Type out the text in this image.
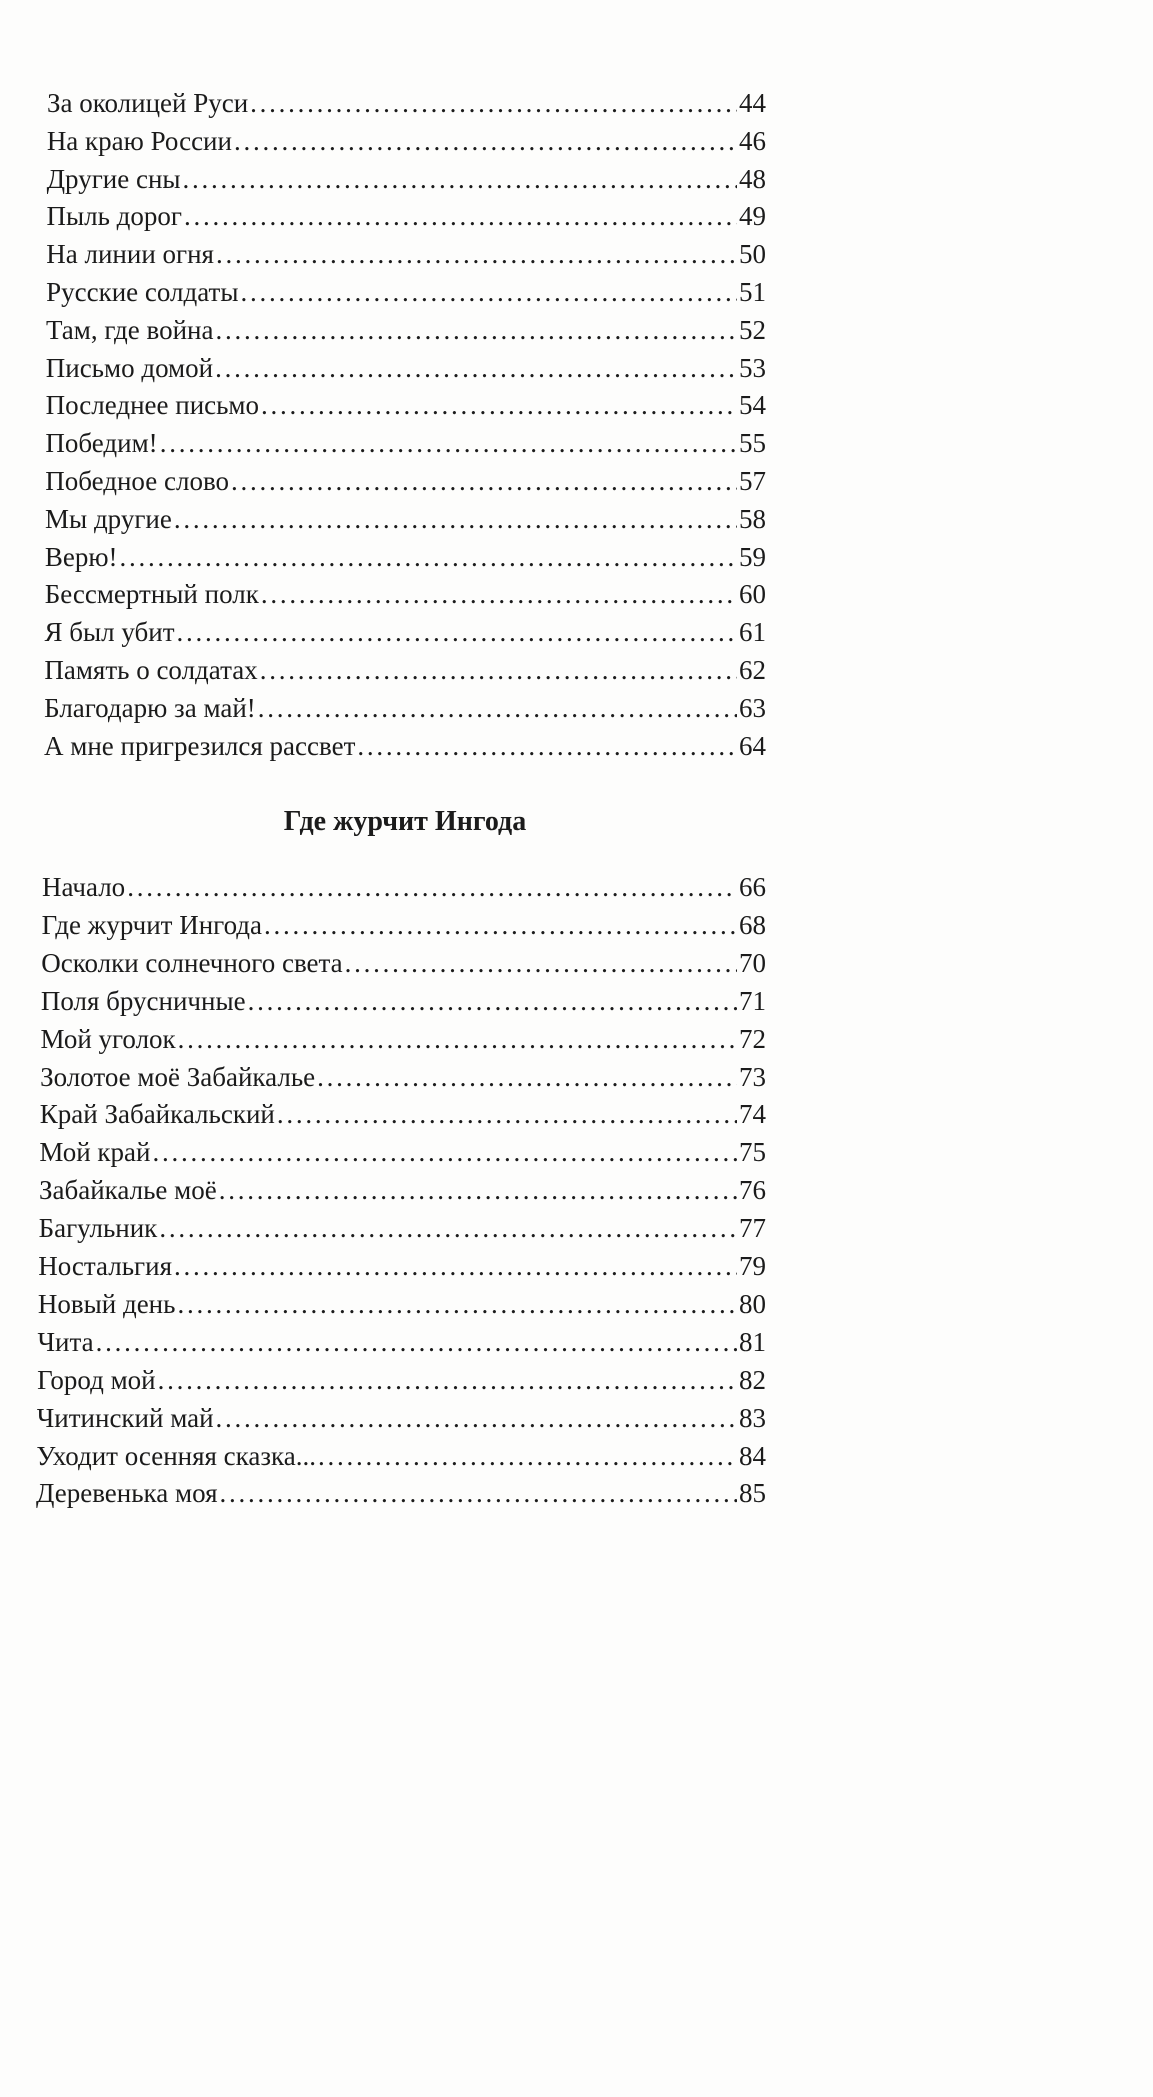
Где журчит Ингода
За околицей Руси . . .	44
На краю России . . .	46
Другие сны . . .	48
Пыль дорог . . .	49
На линии огня . . .	50
Русские солдаты . . .	51
Там, где война . . .	52
Письмо домой . . .	53
Последнее письмо . . .	54
Победим! . . .	55
Победное слово . . .	57
Мы другие . . .	58
Верю! . . .	59
Бессмертный полк . . .	60
Я был убит . . .	61
Память о солдатах . . .	62
Благодарю за май! . . .	63
А мне пригрезился рассвет . . .	64
Начало . . .	66
Где журчит Ингода . . .	68
Осколки солнечного света . . .	70
Поля брусничные . . .	71
Мой уголок . . .	72
Золотое моё Забайкалье . . .	73
Край Забайкальский . . .	74
Мой край . . .	75
Забайкалье моё . . .	76
Багульник . . .	77
Ностальгия . . .	79
Новый день . . .	80
Чита . . .	81
Город мой . . .	82
Читинский май . . .	83
Уходит осенняя сказка... . . .	84
Деревенька моя . . .	85
